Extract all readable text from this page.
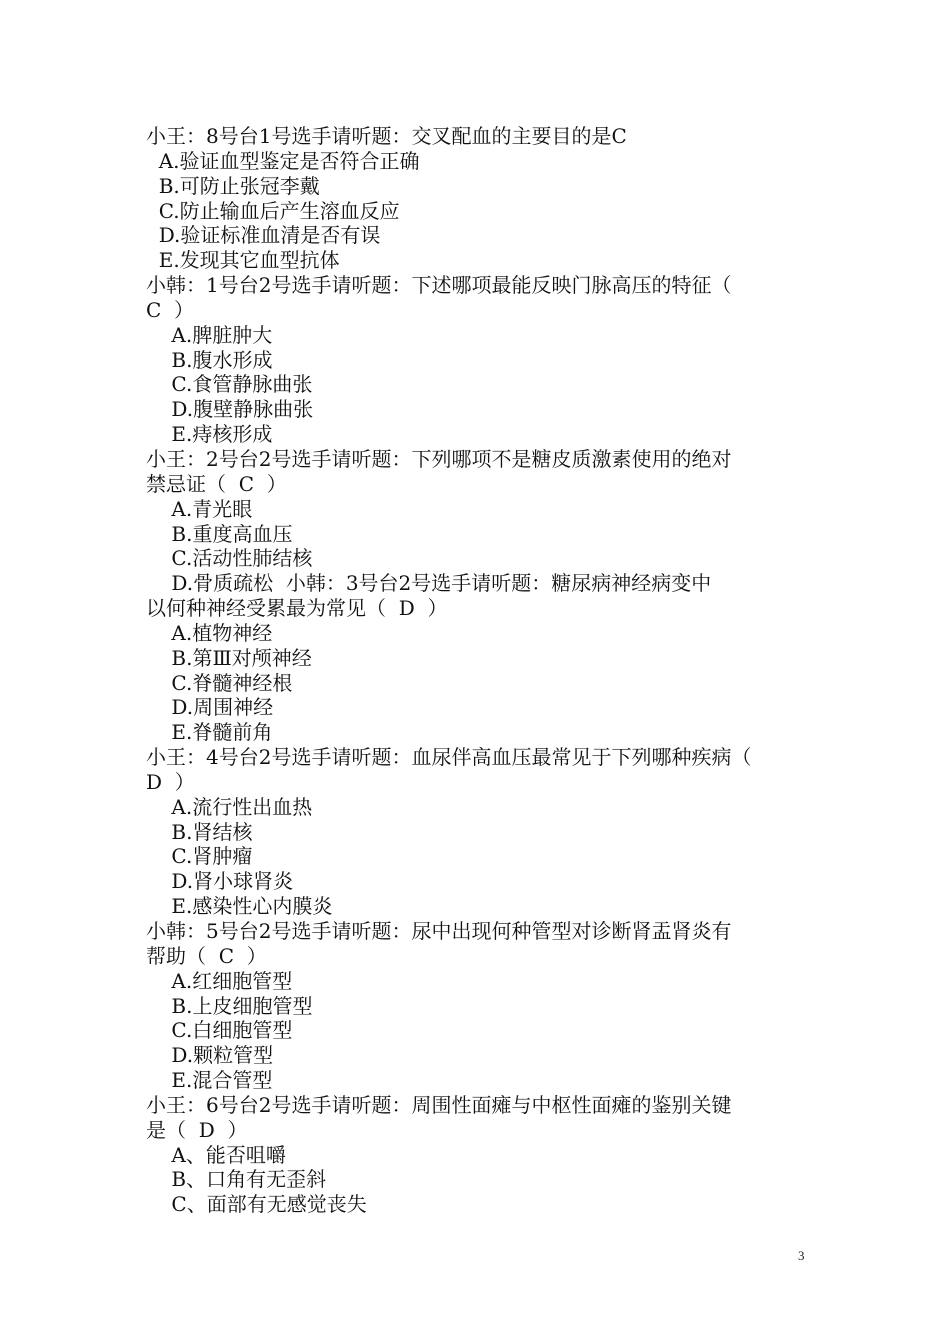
小王：8号台1号选手请听题：交叉配血的主要目的是C

A.验证血型鉴定是否符合正确

B.可防止张冠李戴

C.防止输血后产生溶血反应

D.验证标准血清是否有误

E.发现其它血型抗体

小韩：1号台2号选手请听题：下述哪项最能反映门脉高压的特征（

C  ）

A.脾脏肿大

B.腹水形成

C.食管静脉曲张

D.腹壁静脉曲张

E.痔核形成

小王：2号台2号选手请听题：下列哪项不是糖皮质激素使用的绝对

禁忌证（  C  ）

A.青光眼

B.重度高血压

C.活动性肺结核

D.骨质疏松  小韩：3号台2号选手请听题：糖尿病神经病变中

以何种神经受累最为常见（  D  ）

A.植物神经

B.第Ⅲ对颅神经

C.脊髓神经根

D.周围神经

E.脊髓前角

小王：4号台2号选手请听题：血尿伴高血压最常见于下列哪种疾病（

D  ）

A.流行性出血热

B.肾结核

C.肾肿瘤

D.肾小球肾炎

E.感染性心内膜炎

小韩：5号台2号选手请听题：尿中出现何种管型对诊断肾盂肾炎有

帮助（  C  ）

A.红细胞管型

B.上皮细胞管型

C.白细胞管型

D.颗粒管型

E.混合管型

小王：6号台2号选手请听题：周围性面瘫与中枢性面瘫的鉴别关键

是（  D  ）

A、能否咀嚼

B、口角有无歪斜

C、面部有无感觉丧失

3
